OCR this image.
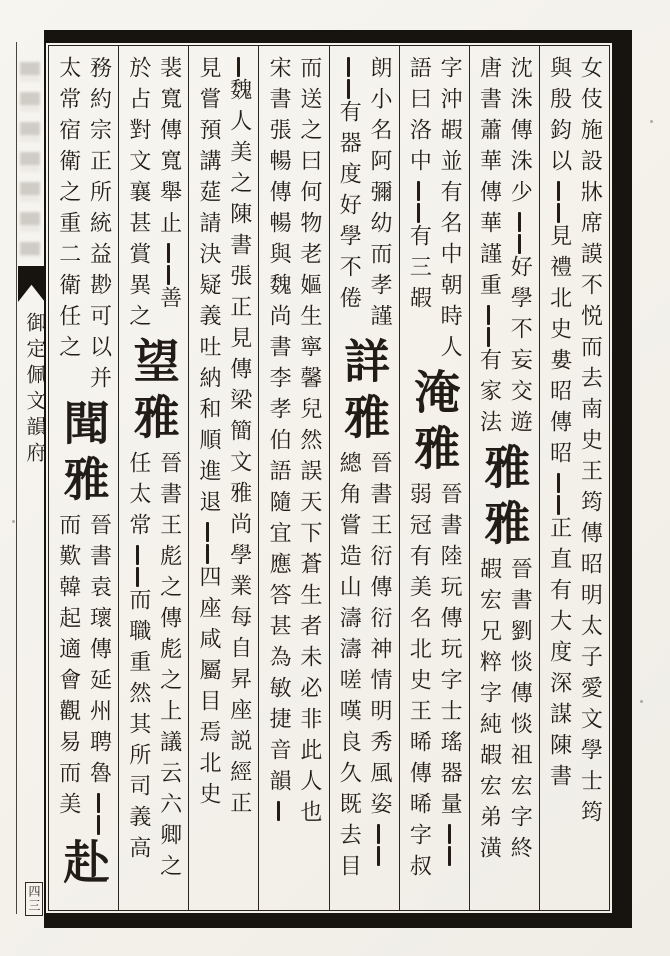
御定佩文韻府
四三
女伎施設牀席謨不悦而去南史王筠傳昭明太子愛文學士筠
與殷鈞以見禮北史婁昭傳昭正直有大度深謀陳書
沈洙傳洙少好學不妄交遊
唐書蕭華傳華謹重有家法
雅雅
晉書劉惔傳惔祖宏字終
嘏宏兄粹字純嘏宏弟潢
字沖嘏並有名中朝時人
語曰洛中有三嘏
淹雅
晉書陸玩傳玩字士瑤器量
弱冠有美名北史王晞傳晞字叔
朗小名阿彌幼而孝謹
有器度好學不倦
詳雅
晉書王衍傳衍神情明秀風姿
總角嘗造山濤濤嗟嘆良久既去目
而送之曰何物老嫗生寧馨兒然誤天下蒼生者未必非此人也
宋書張暢傳暢與魏尚書李孝伯語隨宜應答甚為敏捷音韻
魏人美之陳書張正見傳梁簡文雅尚學業每自昇座説經正
見嘗預講莚請決疑義吐納和順進退四座咸屬目焉北史
裴寬傳寬舉止善
於占對文襄甚賞異之
望雅
晉書王彪之傳彪之上議云六卿之
任太常而職重然其所司義高
務約宗正所統益尠可以并
太常宿衛之重二衛任之
聞雅
晉書袁瓌傳延州聘魯
而歎韓起適會觀易而美
赴
